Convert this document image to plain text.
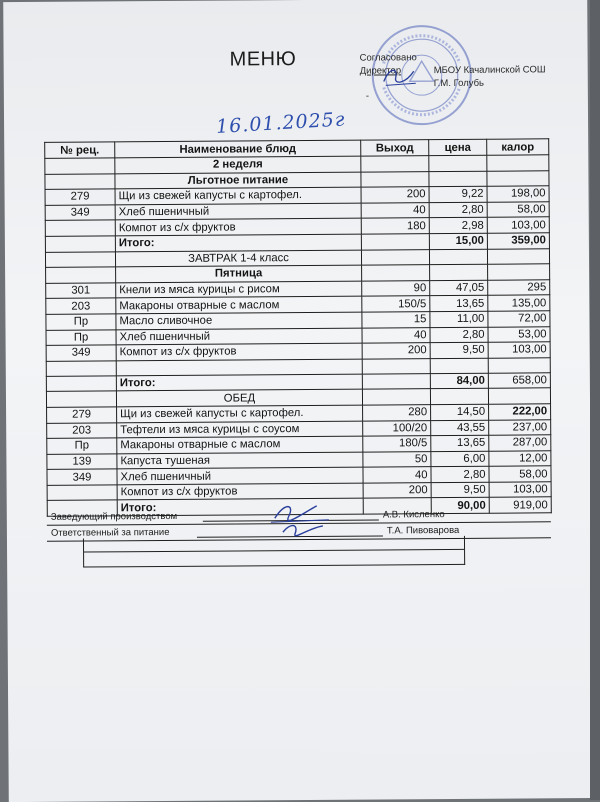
МЕНЮ	Согласовано
Директор	МБОУ Качалинской СОШ
Г.М. Голубь
-
16.01.2025г
№ рец.	Наименование блюд	Выход	цена	калор
	2 неделя			
	Льготное питание			
279	Щи из свежей капусты с картофел.	200	9,22	198,00
349	Хлеб пшеничный	40	2,80	58,00
	Компот из с/х фруктов	180	2,98	103,00
	Итого:		15,00	359,00
	ЗАВТРАК 1-4 класс			
	Пятница			
301	Кнели из мяса курицы с рисом	90	47,05	295
203	Макароны отварные с маслом	150/5	13,65	135,00
Пр	Масло сливочное	15	11,00	72,00
Пр	Хлеб пшеничный	40	2,80	53,00
349	Компот из с/х фруктов	200	9,50	103,00

	Итого:		84,00	658,00
	ОБЕД			
279	Щи из свежей капусты с картофел.	280	14,50	222,00
203	Тефтели из мяса курицы с соусом	100/20	43,55	237,00
Пр	Макароны отварные с маслом	180/5	13,65	287,00
139	Капуста тушеная	50	6,00	12,00
349	Хлеб пшеничный	40	2,80	58,00
	Компот из с/х фруктов	200	9,50	103,00
	Итого:		90,00	919,00
Заведующий производством	А.В. Кисленко
Ответственный за питание	Т.А. Пивоварова
